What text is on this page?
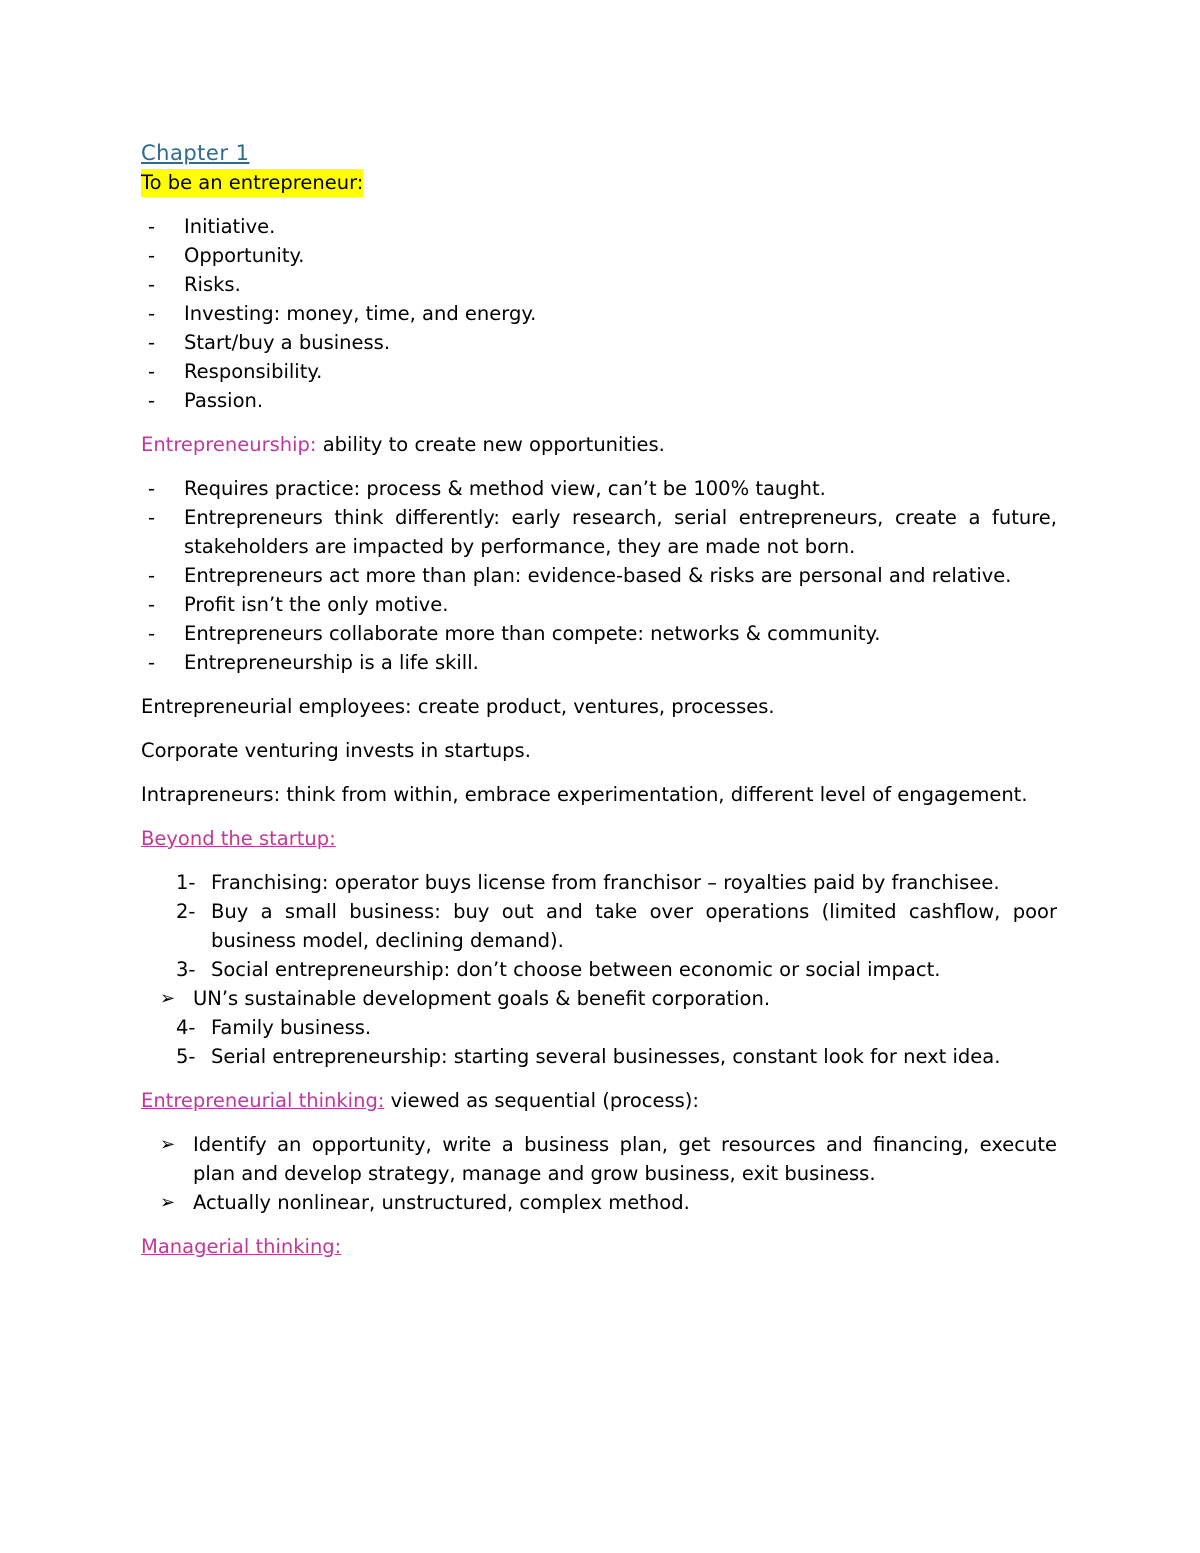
Chapter 1
To be an entrepreneur:
- Initiative.
- Opportunity.
- Risks.
- Investing: money, time, and energy.
- Start/buy a business.
- Responsibility.
- Passion.

Entrepreneurship: ability to create new opportunities.

- Requires practice: process & method view, can’t be 100% taught.
- Entrepreneurs think differently: early research, serial entrepreneurs, create a future, stakeholders are impacted by performance, they are made not born.
- Entrepreneurs act more than plan: evidence-based & risks are personal and relative.
- Profit isn’t the only motive.
- Entrepreneurs collaborate more than compete: networks & community.
- Entrepreneurship is a life skill.

Entrepreneurial employees: create product, ventures, processes.

Corporate venturing invests in startups.

Intrapreneurs: think from within, embrace experimentation, different level of engagement.

Beyond the startup:

1- Franchising: operator buys license from franchisor – royalties paid by franchisee.
2- Buy a small business: buy out and take over operations (limited cashflow, poor business model, declining demand).
3- Social entrepreneurship: don’t choose between economic or social impact.
➢ UN’s sustainable development goals & benefit corporation.
4- Family business.
5- Serial entrepreneurship: starting several businesses, constant look for next idea.

Entrepreneurial thinking: viewed as sequential (process):

➢ Identify an opportunity, write a business plan, get resources and financing, execute plan and develop strategy, manage and grow business, exit business.
➢ Actually nonlinear, unstructured, complex method.

Managerial thinking:
